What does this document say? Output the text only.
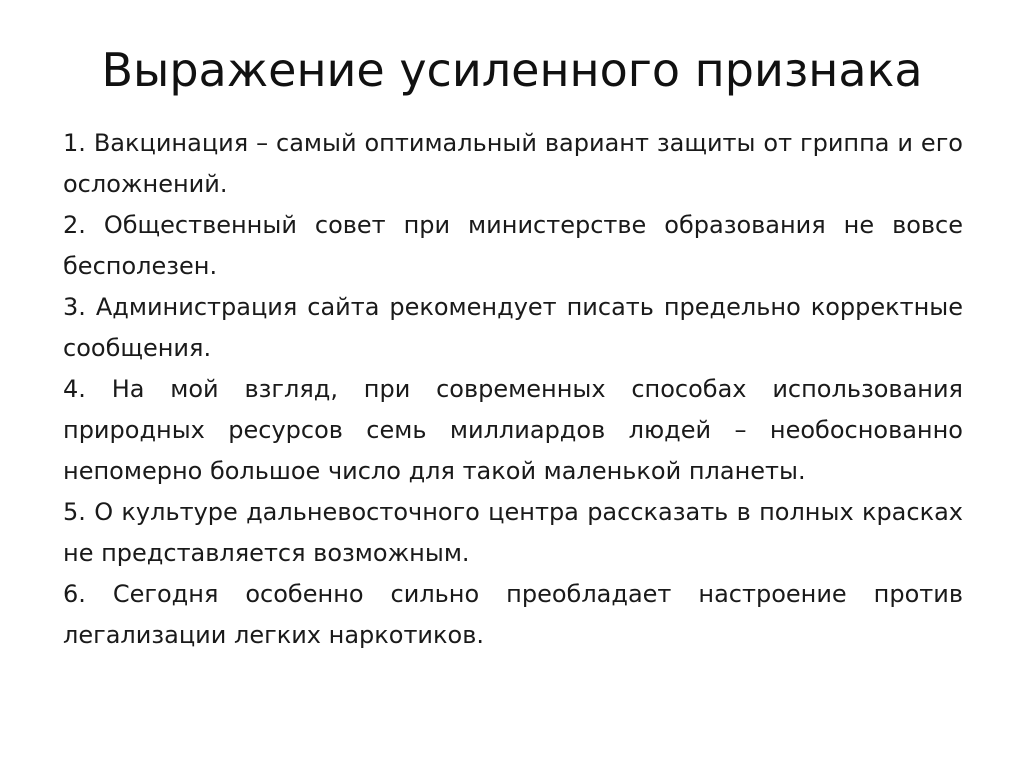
Выражение усиленного признака
1. Вакцинация – самый оптимальный вариант защиты от гриппа и его осложнений.
2. Общественный совет при министерстве образования не вовсе бесполезен.
3. Администрация сайта рекомендует писать предельно корректные сообщения.
4. На мой взгляд, при современных способах использования природных ресурсов семь миллиардов людей – необоснованно непомерно большое число для такой маленькой планеты.
5. О культуре дальневосточного центра рассказать в полных красках не представляется возможным.
6. Сегодня особенно сильно преобладает настроение против легализации легких наркотиков.
